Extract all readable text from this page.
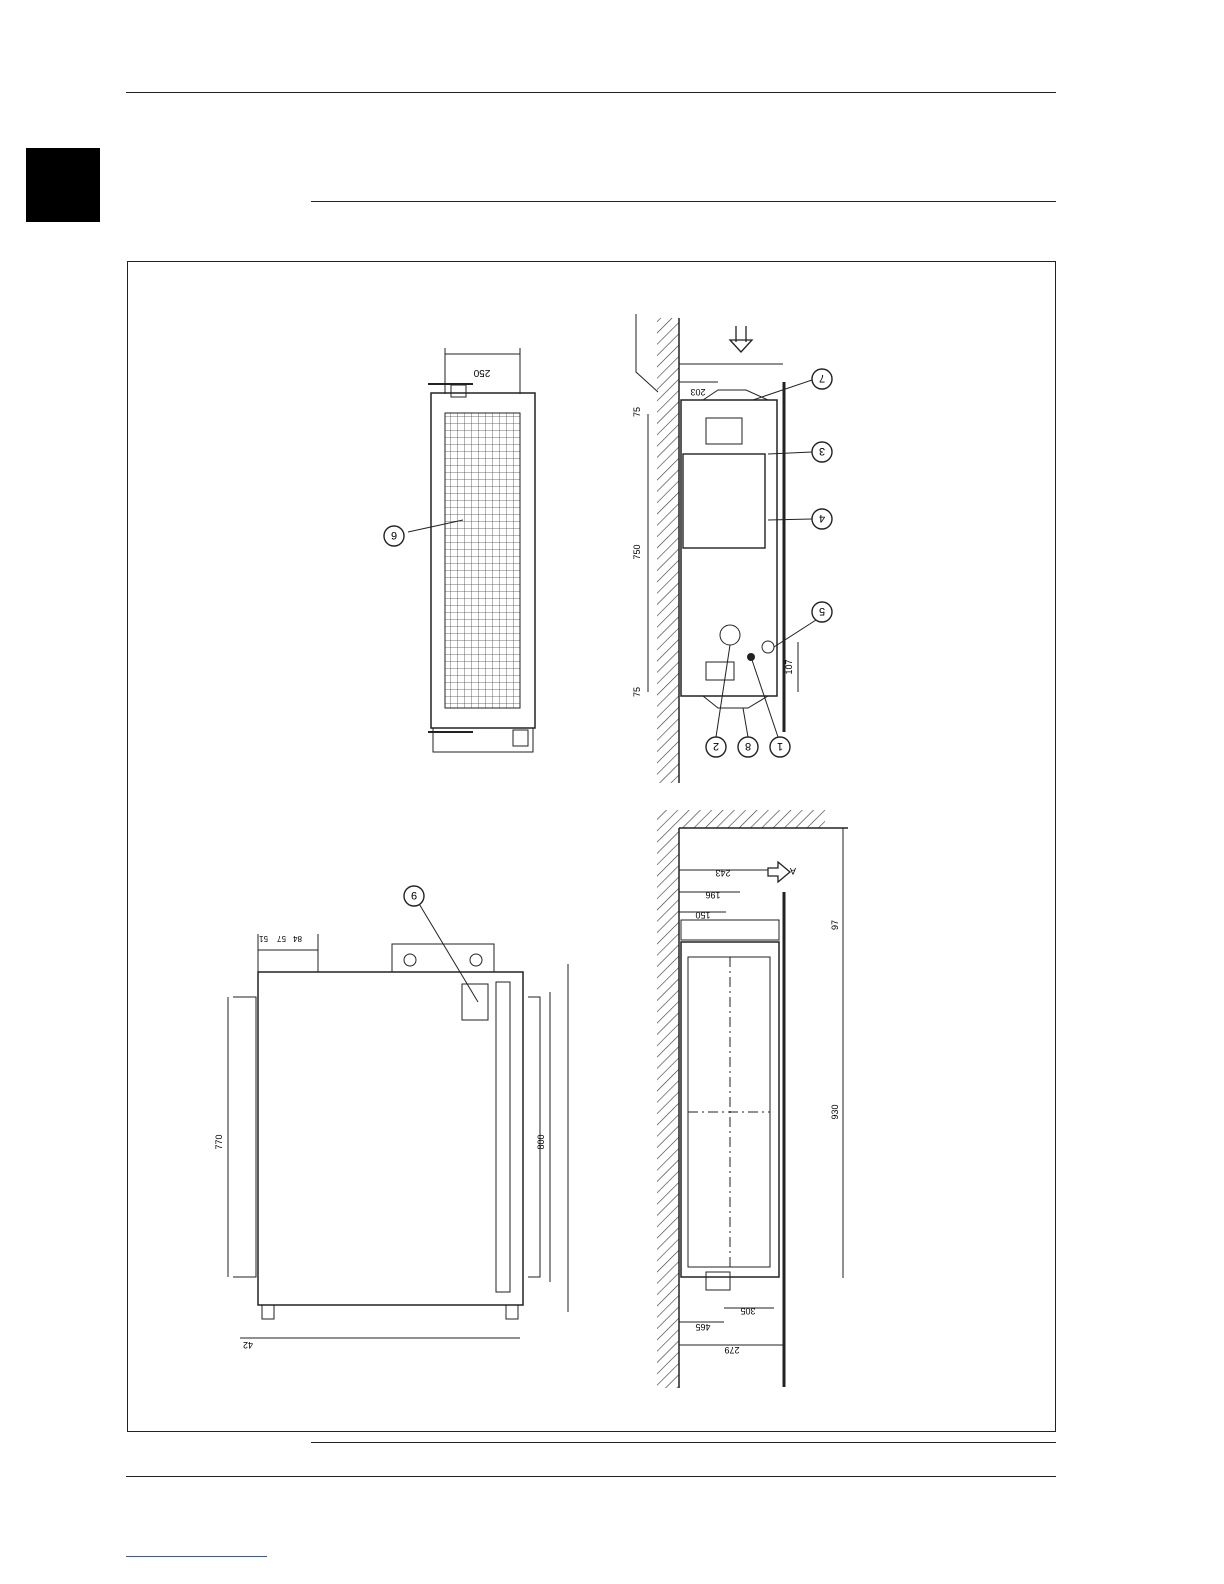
250
6
203
750
75
75
107
7
3
4
5
2 8 1
51 57 84
770	800
42
9
A
243
196
150
97
930
465
305
279
